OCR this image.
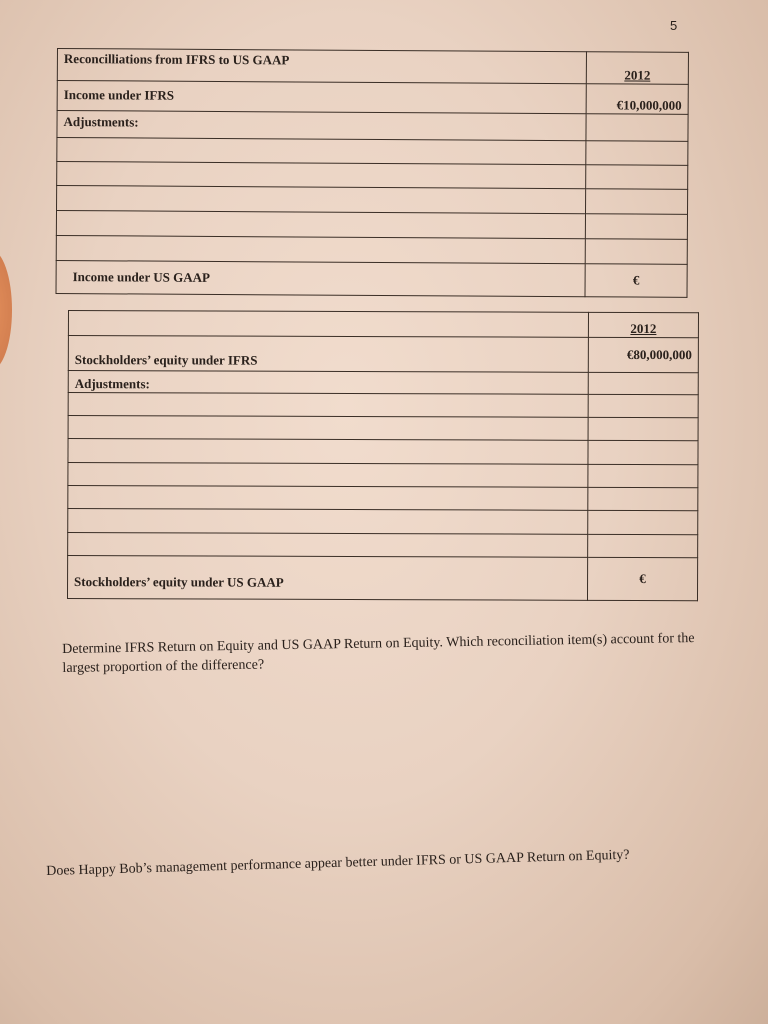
5
Reconcilliations from IFRS to US GAAP	2012
Income under IFRS	€10,000,000
Adjustments:	

Income under US GAAP	€
	2012
Stockholders’ equity under IFRS	€80,000,000
Adjustments:	

Stockholders’ equity under US GAAP	€
Determine IFRS Return on Equity and US GAAP Return on Equity. Which reconciliation item(s) account for the largest proportion of the difference?
Does Happy Bob’s management performance appear better under IFRS or US GAAP Return on Equity?
